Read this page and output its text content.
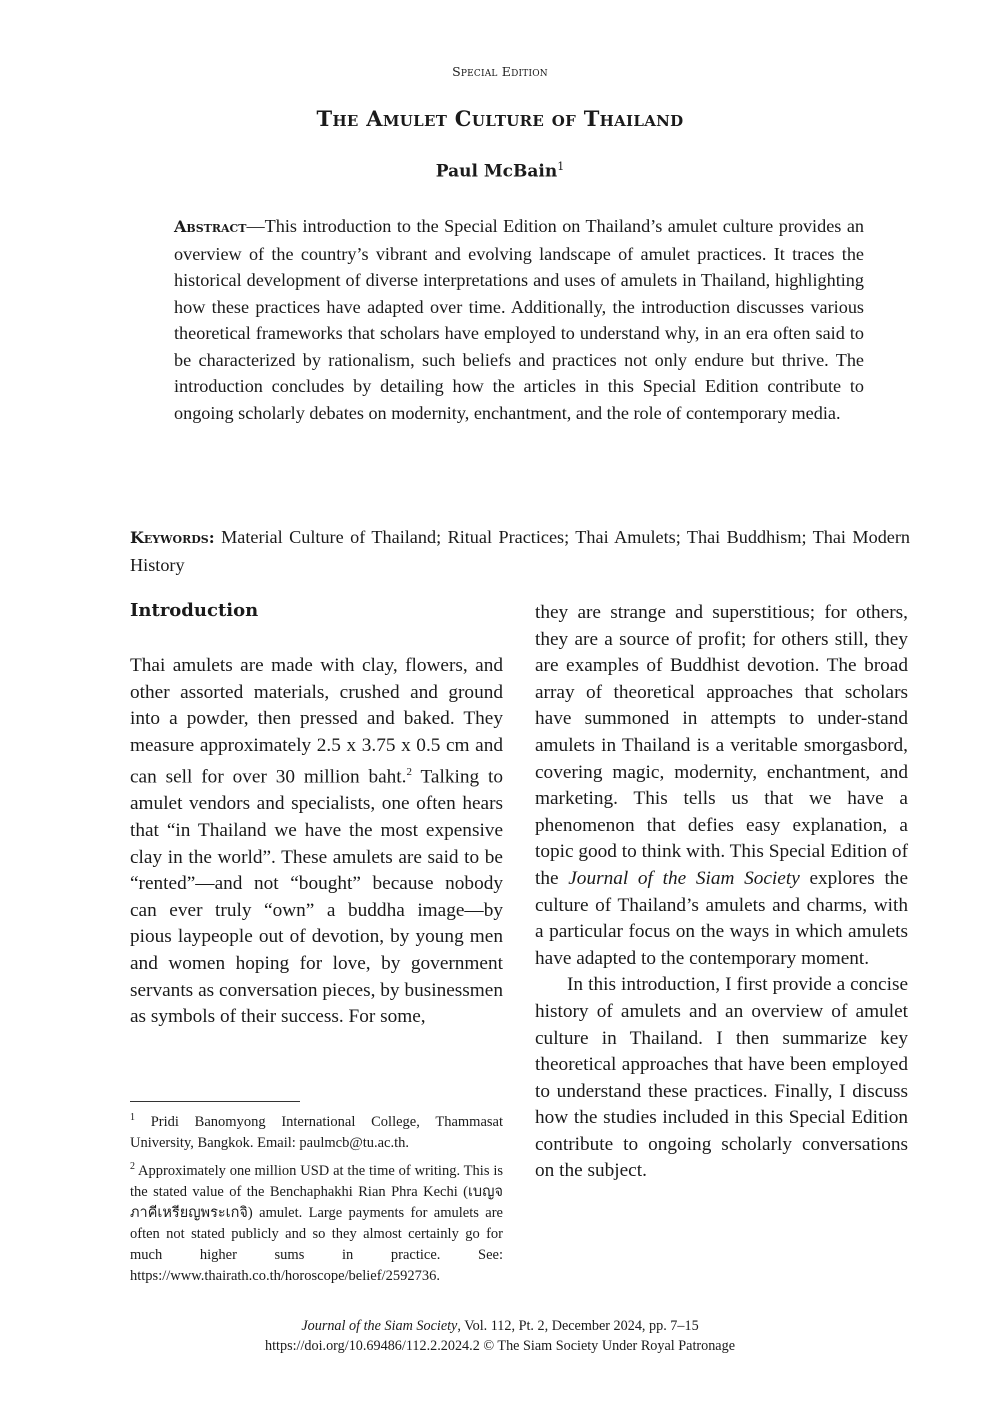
Special Edition
The Amulet Culture of Thailand
Paul McBain$^1$
Abstract—This introduction to the Special Edition on Thailand’s amulet culture provides an overview of the country’s vibrant and evolving landscape of amulet practices. It traces the historical development of diverse interpretations and uses of amulets in Thailand, highlighting how these practices have adapted over time. Additionally, the introduction discusses various theoretical frameworks that scholars have employed to understand why, in an era often said to be characterized by rationalism, such beliefs and practices not only endure but thrive. The introduction concludes by detailing how the articles in this Special Edition contribute to ongoing scholarly debates on modernity, enchantment, and the role of contemporary media.
Keywords: Material Culture of Thailand; Ritual Practices; Thai Amulets; Thai Buddhism; Thai Modern History
Introduction

Thai amulets are made with clay, flowers, and other assorted materials, crushed and ground into a powder, then pressed and baked. They measure approximately 2.5 x 3.75 x 0.5 cm and can sell for over 30 million baht.$^2$ Talking to amulet vendors and specialists, one often hears that “in Thailand we have the most expensive clay in the world”. These amulets are said to be “rented”—and not “bought” because nobody can ever truly “own” a buddha image—by pious laypeople out of devotion, by young men and women hoping for love, by government servants as conversation pieces, by businessmen as symbols of their success. For some,

they are strange and superstitious; for others, they are a source of profit; for others still, they are examples of Buddhist devotion. The broad array of theoretical approaches that scholars have summoned in attempts to under-stand amulets in Thailand is a veritable smorgasbord, covering magic, modernity, enchantment, and marketing. This tells us that we have a phenomenon that defies easy explanation, a topic good to think with. This Special Edition of the Journal of the Siam Society explores the culture of Thailand’s amulets and charms, with a particular focus on the ways in which amulets have adapted to the contemporary moment.

In this introduction, I first provide a concise history of amulets and an overview of amulet culture in Thailand. I then summarize key theoretical approaches that have been employed to understand these practices. Finally, I discuss how the studies included in this Special Edition contribute to ongoing scholarly conversations on the subject.

$^1$ Pridi Banomyong International College, Thammasat University, Bangkok. Email: paulmcb@tu.ac.th.

$^2$ Approximately one million USD at the time of writing. This is the stated value of the Benchaphakhi Rian Phra Kechi (เบญจภาคีเหรียญพระเกจิ) amulet. Large payments for amulets are often not stated publicly and so they almost certainly go for much higher sums in practice. See: https://www.thairath.co.th/horoscope/belief/2592736.

Journal of the Siam Society, Vol. 112, Pt. 2, December 2024, pp. 7–15
https://doi.org/10.69486/112.2.2024.2 © The Siam Society Under Royal Patronage
